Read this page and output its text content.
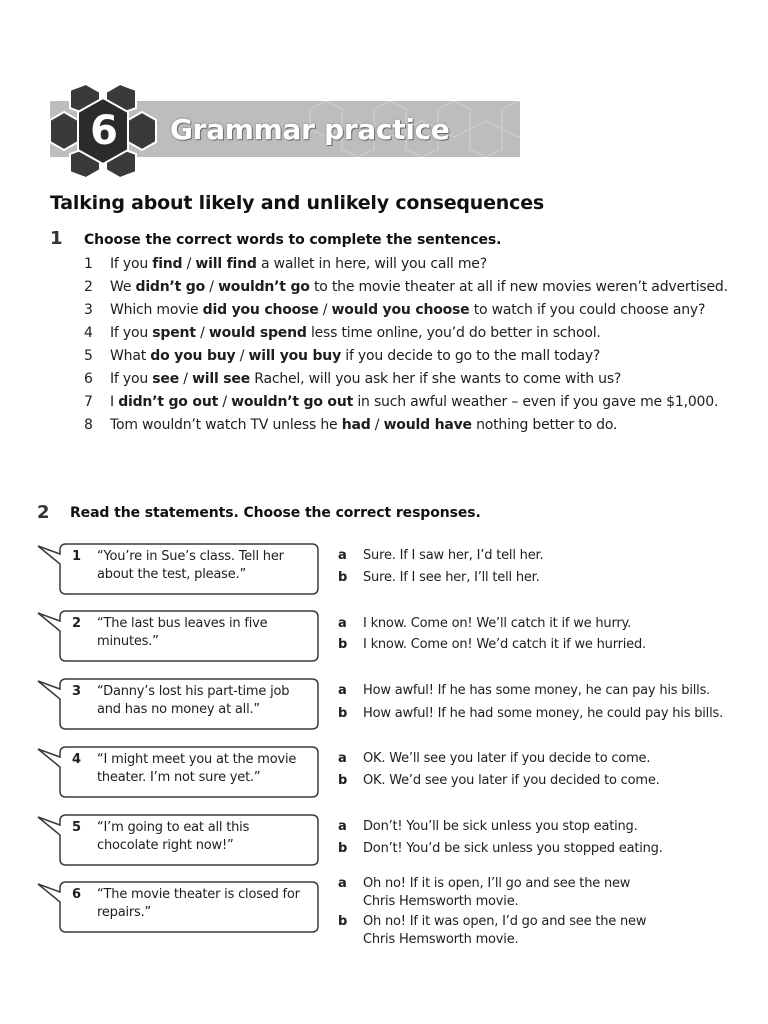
6 Grammar practice
Talking about likely and unlikely consequences
1 Choose the correct words to complete the sentences.
1 If you find / will find a wallet in here, will you call me?
2 We didn’t go / wouldn’t go to the movie theater at all if new movies weren’t advertised.
3 Which movie did you choose / would you choose to watch if you could choose any?
4 If you spent / would spend less time online, you’d do better in school.
5 What do you buy / will you buy if you decide to go to the mall today?
6 If you see / will see Rachel, will you ask her if she wants to come with us?
7 I didn’t go out / wouldn’t go out in such awful weather – even if you gave me $1,000.
8 Tom wouldn’t watch TV unless he had / would have nothing better to do.
2 Read the statements. Choose the correct responses.
1 “You’re in Sue’s class. Tell her about the test, please.”
a Sure. If I saw her, I’d tell her.
b Sure. If I see her, I’ll tell her.
2 “The last bus leaves in five minutes.”
a I know. Come on! We’ll catch it if we hurry.
b I know. Come on! We’d catch it if we hurried.
3 “Danny’s lost his part-time job and has no money at all.”
a How awful! If he has some money, he can pay his bills.
b How awful! If he had some money, he could pay his bills.
4 “I might meet you at the movie theater. I’m not sure yet.”
a OK. We’ll see you later if you decide to come.
b OK. We’d see you later if you decided to come.
5 “I’m going to eat all this chocolate right now!”
a Don’t! You’ll be sick unless you stop eating.
b Don’t! You’d be sick unless you stopped eating.
6 “The movie theater is closed for repairs.”
a Oh no! If it is open, I’ll go and see the new Chris Hemsworth movie.
b Oh no! If it was open, I’d go and see the new Chris Hemsworth movie.
